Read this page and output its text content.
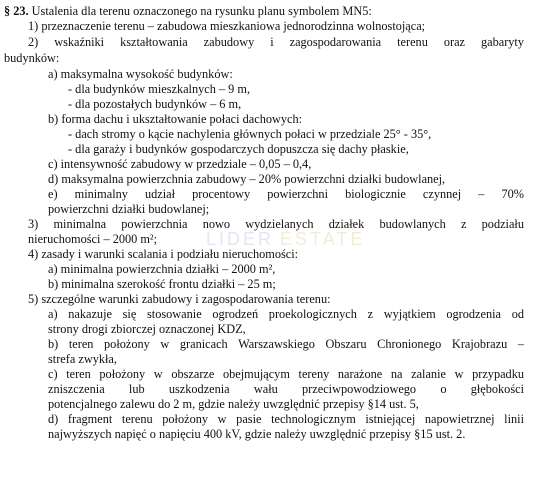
§ 23. Ustalenia dla terenu oznaczonego na rysunku planu symbolem MN5:
1) przeznaczenie terenu – zabudowa mieszkaniowa jednorodzinna wolnostojąca;
2) wskaźniki kształtowania zabudowy i zagospodarowania terenu oraz gabaryty
budynków:
a) maksymalna wysokość budynków:
- dla budynków mieszkalnych – 9 m,
- dla pozostałych budynków – 6 m,
b) forma dachu i ukształtowanie połaci dachowych:
- dach stromy o kącie nachylenia głównych połaci w przedziale 25° - 35°,
- dla garaży i budynków gospodarczych dopuszcza się dachy płaskie,
c) intensywność zabudowy w przedziale – 0,05 – 0,4,
d) maksymalna powierzchnia zabudowy – 20% powierzchni działki budowlanej,
e) minimalny udział procentowy powierzchni biologicznie czynnej – 70%
powierzchni działki budowlanej;
3) minimalna powierzchnia nowo wydzielanych działek budowlanych z podziału
nieruchomości – 2000 m²;
4) zasady i warunki scalania i podziału nieruchomości:
a) minimalna powierzchnia działki – 2000 m²,
b) minimalna szerokość frontu działki – 25 m;
5) szczególne warunki zabudowy i zagospodarowania terenu:
a) nakazuje się stosowanie ogrodzeń proekologicznych z wyjątkiem ogrodzenia od
strony drogi zbiorczej oznaczonej KDZ,
b) teren położony w granicach Warszawskiego Obszaru Chronionego Krajobrazu –
strefa zwykła,
c) teren położony w obszarze obejmującym tereny narażone na zalanie w przypadku
zniszczenia lub uszkodzenia wału przeciwpowodziowego o głębokości
potencjalnego zalewu do 2 m, gdzie należy uwzględnić przepisy §14 ust. 5,
d) fragment terenu położony w pasie technologicznym istniejącej napowietrznej linii
najwyższych napięć o napięciu 400 kV, gdzie należy uwzględnić przepisy §15 ust. 2.
LIDER ESTATE
